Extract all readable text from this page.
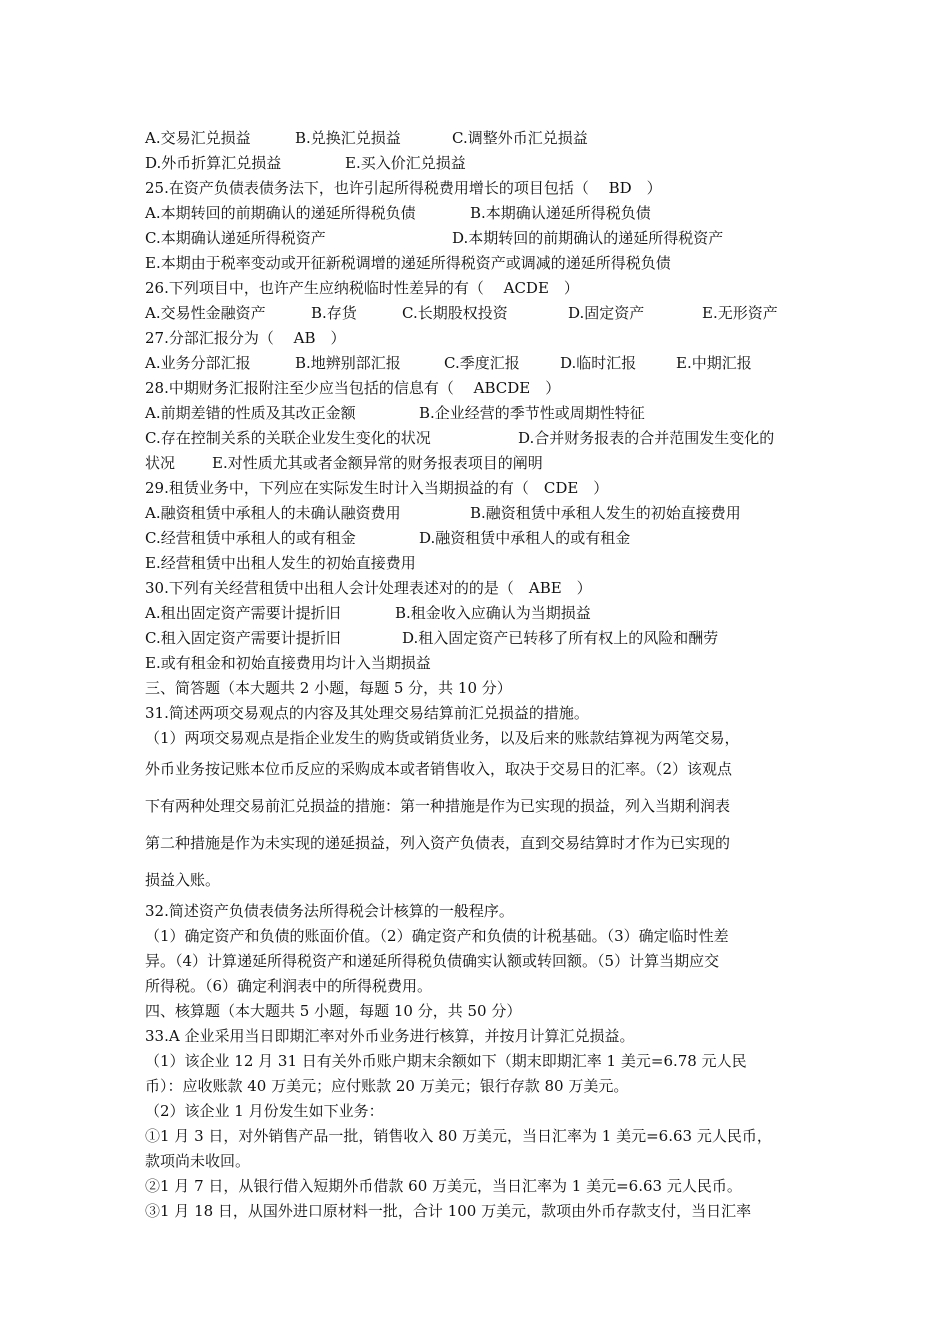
A.交易汇兑损益	B.兑换汇兑损益	C.调整外币汇兑损益
D.外币折算汇兑损益	E.买入价汇兑损益
25.在资产负债表债务法下，也许引起所得税费用增长的项目包括（　 BD　）
A.本期转回的前期确认的递延所得税负债	B.本期确认递延所得税负债
C.本期确认递延所得税资产	D.本期转回的前期确认的递延所得税资产
E.本期由于税率变动或开征新税调增的递延所得税资产或调减的递延所得税负债
26.下列项目中，也许产生应纳税临时性差异的有（　 ACDE　）
A.交易性金融资产	B.存货	C.长期股权投资	D.固定资产	E.无形资产
27.分部汇报分为（　 AB　）
A.业务分部汇报	B.地辨别部汇报	C.季度汇报	D.临时汇报	E.中期汇报
28.中期财务汇报附注至少应当包括的信息有（　 ABCDE　）
A.前期差错的性质及其改正金额	B.企业经营的季节性或周期性特征
C.存在控制关系的关联企业发生变化的状况	D.合并财务报表的合并范围发生变化的
状况 E.对性质尤其或者金额异常的财务报表项目的阐明
29.租赁业务中，下列应在实际发生时计入当期损益的有（　CDE　）
A.融资租赁中承租人的未确认融资费用	B.融资租赁中承租人发生的初始直接费用
C.经营租赁中承租人的或有租金	D.融资租赁中承租人的或有租金
E.经营租赁中出租人发生的初始直接费用
30.下列有关经营租赁中出租人会计处理表述对的的是（　ABE　）
A.租出固定资产需要计提折旧	B.租金收入应确认为当期损益
C.租入固定资产需要计提折旧	D.租入固定资产已转移了所有权上的风险和酬劳
E.或有租金和初始直接费用均计入当期损益
三、简答题（本大题共 2 小题，每题 5 分，共 10 分）
31.简述两项交易观点的内容及其处理交易结算前汇兑损益的措施。
（1）两项交易观点是指企业发生的购货或销货业务，以及后来的账款结算视为两笔交易，
外币业务按记账本位币反应的采购成本或者销售收入，取决于交易日的汇率。（2）该观点
下有两种处理交易前汇兑损益的措施：第一种措施是作为已实现的损益，列入当期利润表
第二种措施是作为未实现的递延损益，列入资产负债表，直到交易结算时才作为已实现的
损益入账。
32.简述资产负债表债务法所得税会计核算的一般程序。
（1）确定资产和负债的账面价值。（2）确定资产和负债的计税基础。（3）确定临时性差
异。（4）计算递延所得税资产和递延所得税负债确实认额或转回额。（5）计算当期应交
所得税。（6）确定利润表中的所得税费用。
四、核算题（本大题共 5 小题，每题 10 分，共 50 分）
33.A 企业采用当日即期汇率对外币业务进行核算，并按月计算汇兑损益。
（1）该企业 12 月 31 日有关外币账户期末余额如下（期末即期汇率 1 美元=6.78 元人民
币）：应收账款 40 万美元；应付账款 20 万美元；银行存款 80 万美元。
（2）该企业 1 月份发生如下业务：
①1 月 3 日，对外销售产品一批，销售收入 80 万美元，当日汇率为 1 美元=6.63 元人民币，
款项尚未收回。
②1 月 7 日，从银行借入短期外币借款 60 万美元，当日汇率为 1 美元=6.63 元人民币。
③1 月 18 日，从国外进口原材料一批，合计 100 万美元，款项由外币存款支付，当日汇率
